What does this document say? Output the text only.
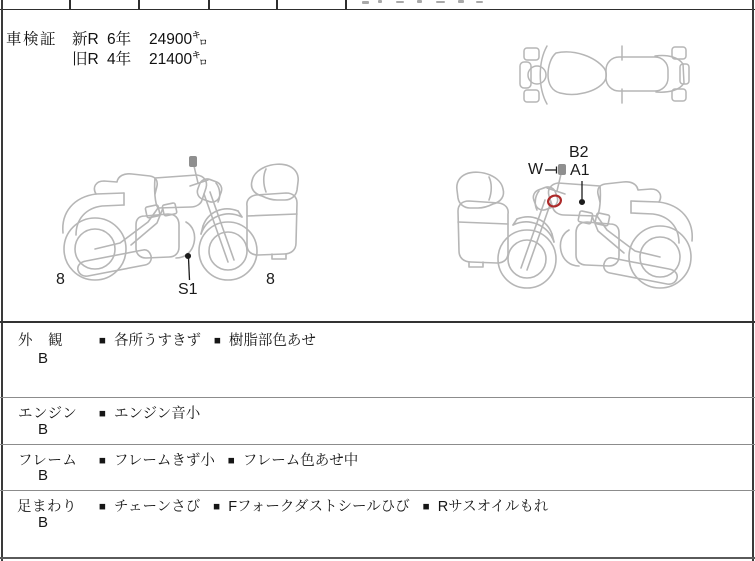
車検証 新R 6年 24900㌔
旧R 4年 21400㌔
8
S1
8
W
B2
A1
外　観
B
■ 各所うすきず ■ 樹脂部色あせ
エンジン
B
■ エンジン音小
フレーム
B
■ フレームきず小 ■ フレーム色あせ中
足まわり
B
■ チェーンさび ■ Fフォークダストシールひび ■ Rサスオイルもれ
